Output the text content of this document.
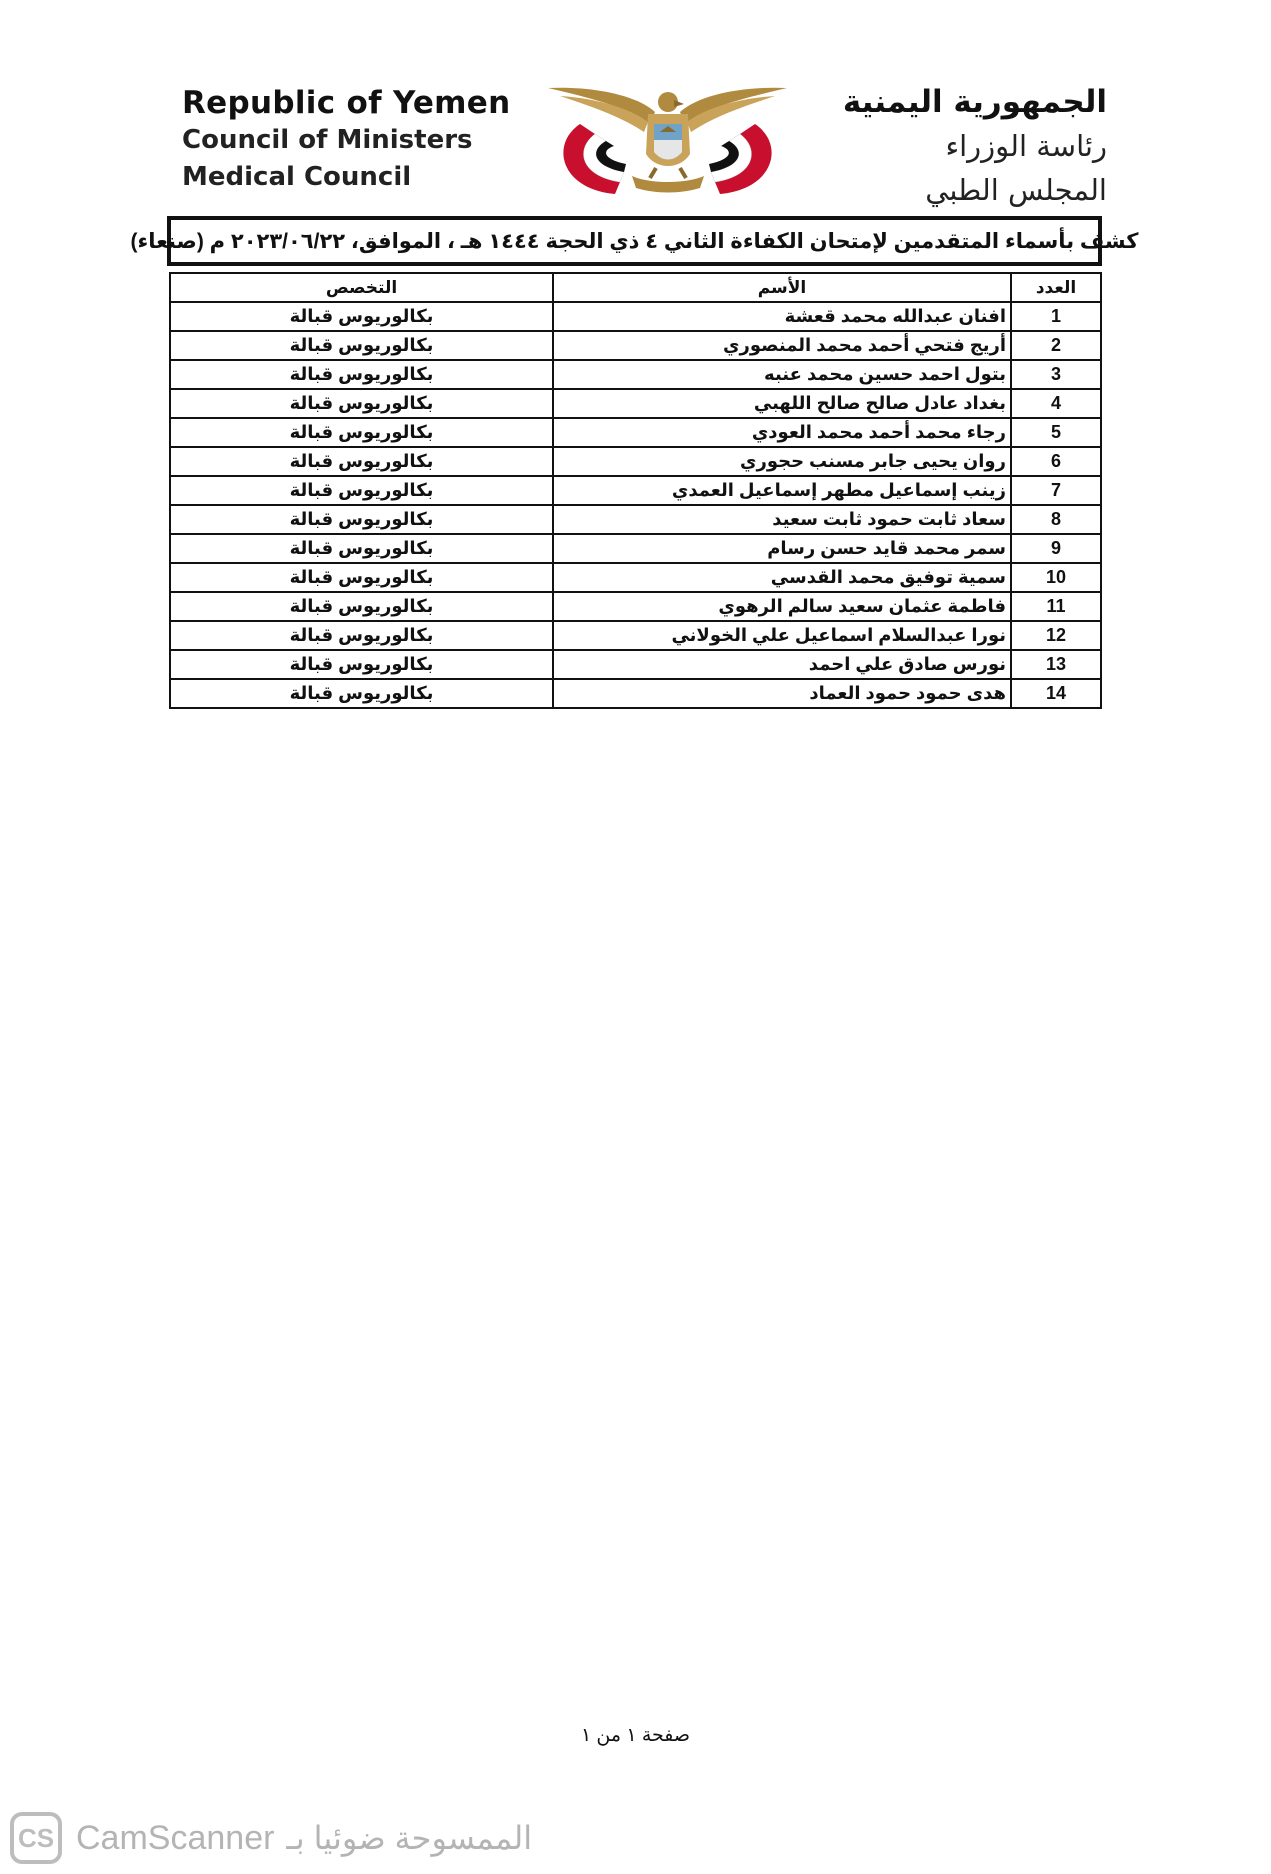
Republic of Yemen
Council of Ministers
Medical Council
الجمهورية اليمنية
رئاسة الوزراء
المجلس الطبي
كشف بأسماء المتقدمين لإمتحان الكفاءة الثاني ٤ ذي الحجة ١٤٤٤ هـ ، الموافق، ٢٠٢٣/٠٦/٢٢ م (صنعاء)
العدد	الأسم	التخصص
1	افنان عبدالله محمد قعشة	بكالوريوس قبالة
2	أريج فتحي أحمد محمد المنصوري	بكالوريوس قبالة
3	بتول احمد حسين محمد عنبه	بكالوريوس قبالة
4	بغداد عادل صالح صالح اللهبي	بكالوريوس قبالة
5	رجاء محمد أحمد محمد العودي	بكالوريوس قبالة
6	روان يحيى جابر مسنب حجوري	بكالوريوس قبالة
7	زينب إسماعيل مطهر إسماعيل العمدي	بكالوريوس قبالة
8	سعاد ثابت حمود ثابت سعيد	بكالوريوس قبالة
9	سمر محمد قايد حسن رسام	بكالوريوس قبالة
10	سمية توفيق محمد القدسي	بكالوريوس قبالة
11	فاطمة عثمان سعيد سالم الرهوي	بكالوريوس قبالة
12	نورا عبدالسلام اسماعيل علي الخولاني	بكالوريوس قبالة
13	نورس صادق علي احمد	بكالوريوس قبالة
14	هدى حمود حمود العماد	بكالوريوس قبالة
صفحة ١ من ١
CS CamScanner الممسوحة ضوئيا بـ
